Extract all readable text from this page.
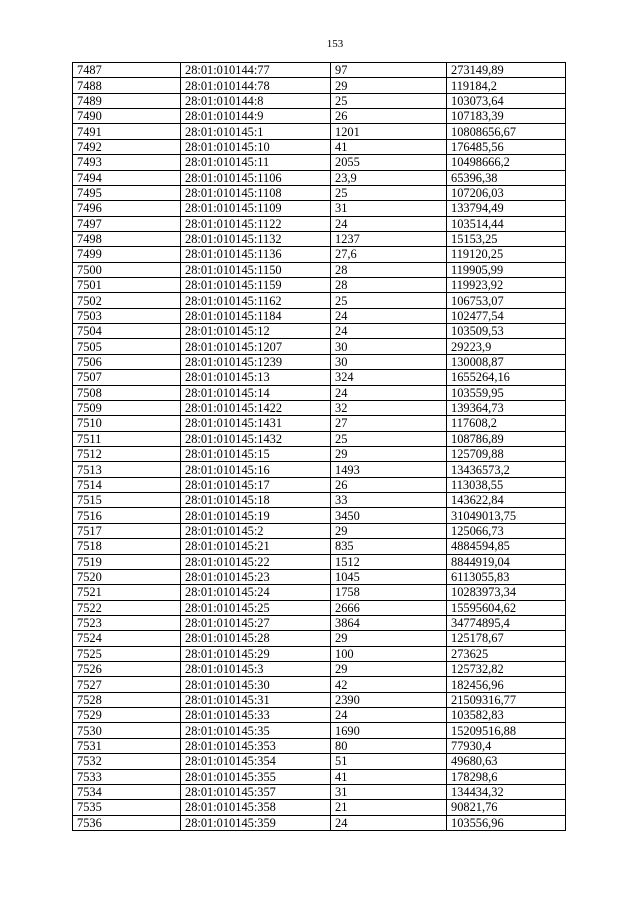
153
7487	28:01:010144:77	97	273149,89
7488	28:01:010144:78	29	119184,2
7489	28:01:010144:8	25	103073,64
7490	28:01:010144:9	26	107183,39
7491	28:01:010145:1	1201	10808656,67
7492	28:01:010145:10	41	176485,56
7493	28:01:010145:11	2055	10498666,2
7494	28:01:010145:1106	23,9	65396,38
7495	28:01:010145:1108	25	107206,03
7496	28:01:010145:1109	31	133794,49
7497	28:01:010145:1122	24	103514,44
7498	28:01:010145:1132	1237	15153,25
7499	28:01:010145:1136	27,6	119120,25
7500	28:01:010145:1150	28	119905,99
7501	28:01:010145:1159	28	119923,92
7502	28:01:010145:1162	25	106753,07
7503	28:01:010145:1184	24	102477,54
7504	28:01:010145:12	24	103509,53
7505	28:01:010145:1207	30	29223,9
7506	28:01:010145:1239	30	130008,87
7507	28:01:010145:13	324	1655264,16
7508	28:01:010145:14	24	103559,95
7509	28:01:010145:1422	32	139364,73
7510	28:01:010145:1431	27	117608,2
7511	28:01:010145:1432	25	108786,89
7512	28:01:010145:15	29	125709,88
7513	28:01:010145:16	1493	13436573,2
7514	28:01:010145:17	26	113038,55
7515	28:01:010145:18	33	143622,84
7516	28:01:010145:19	3450	31049013,75
7517	28:01:010145:2	29	125066,73
7518	28:01:010145:21	835	4884594,85
7519	28:01:010145:22	1512	8844919,04
7520	28:01:010145:23	1045	6113055,83
7521	28:01:010145:24	1758	10283973,34
7522	28:01:010145:25	2666	15595604,62
7523	28:01:010145:27	3864	34774895,4
7524	28:01:010145:28	29	125178,67
7525	28:01:010145:29	100	273625
7526	28:01:010145:3	29	125732,82
7527	28:01:010145:30	42	182456,96
7528	28:01:010145:31	2390	21509316,77
7529	28:01:010145:33	24	103582,83
7530	28:01:010145:35	1690	15209516,88
7531	28:01:010145:353	80	77930,4
7532	28:01:010145:354	51	49680,63
7533	28:01:010145:355	41	178298,6
7534	28:01:010145:357	31	134434,32
7535	28:01:010145:358	21	90821,76
7536	28:01:010145:359	24	103556,96
